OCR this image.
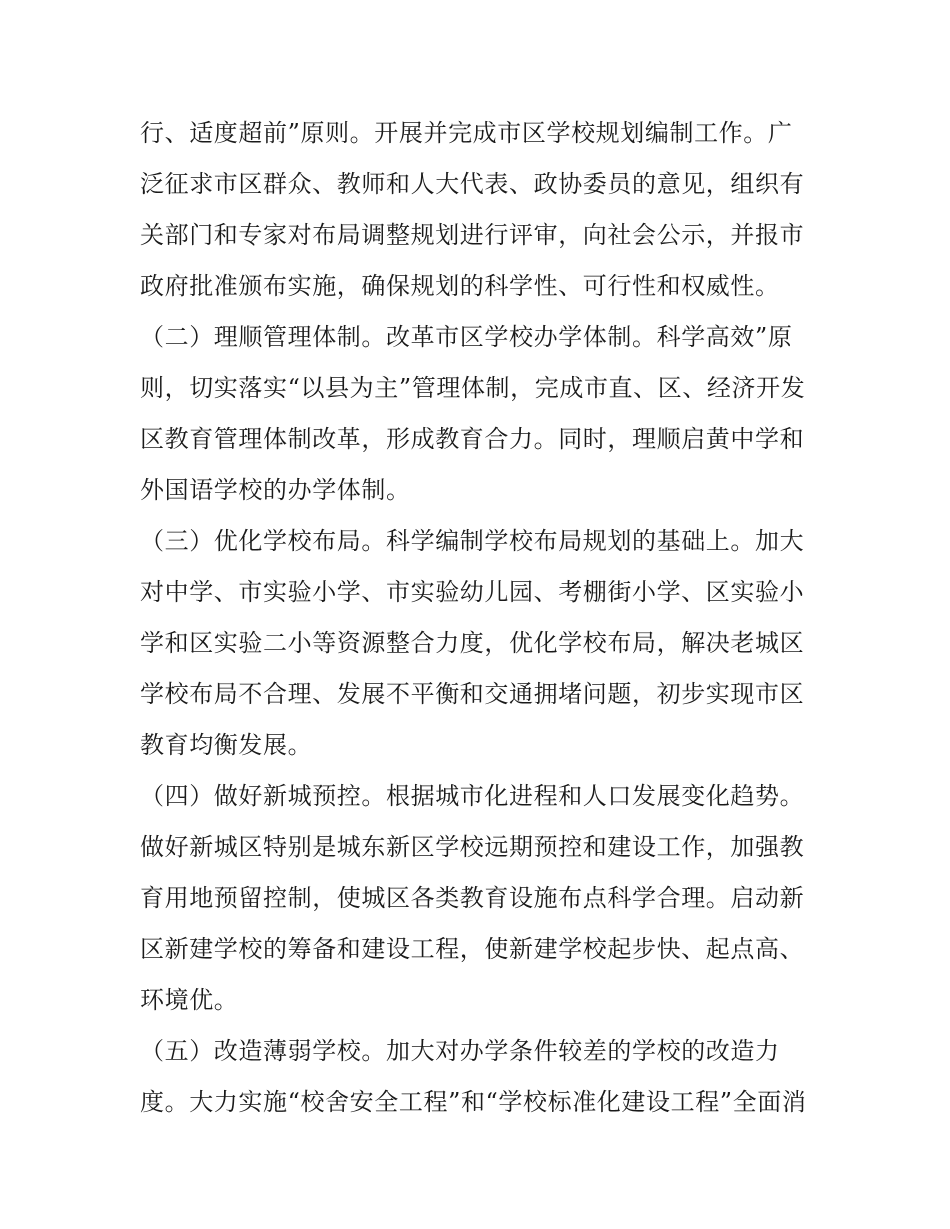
行、适度超前”原则。开展并完成市区学校规划编制工作。广
泛征求市区群众、教师和人大代表、政协委员的意见，组织有
关部门和专家对布局调整规划进行评审，向社会公示，并报市
政府批准颁布实施，确保规划的科学性、可行性和权威性。
（二）理顺管理体制。改革市区学校办学体制。科学高效”原
则，切实落实“以县为主”管理体制，完成市直、区、经济开发
区教育管理体制改革，形成教育合力。同时，理顺启黄中学和
外国语学校的办学体制。
（三）优化学校布局。科学编制学校布局规划的基础上。加大
对中学、市实验小学、市实验幼儿园、考棚街小学、区实验小
学和区实验二小等资源整合力度，优化学校布局，解决老城区
学校布局不合理、发展不平衡和交通拥堵问题，初步实现市区
教育均衡发展。
（四）做好新城预控。根据城市化进程和人口发展变化趋势。
做好新城区特别是城东新区学校远期预控和建设工作，加强教
育用地预留控制，使城区各类教育设施布点科学合理。启动新
区新建学校的筹备和建设工程，使新建学校起步快、起点高、
环境优。
（五）改造薄弱学校。加大对办学条件较差的学校的改造力
度。大力实施“校舍安全工程”和“学校标准化建设工程”全面消
